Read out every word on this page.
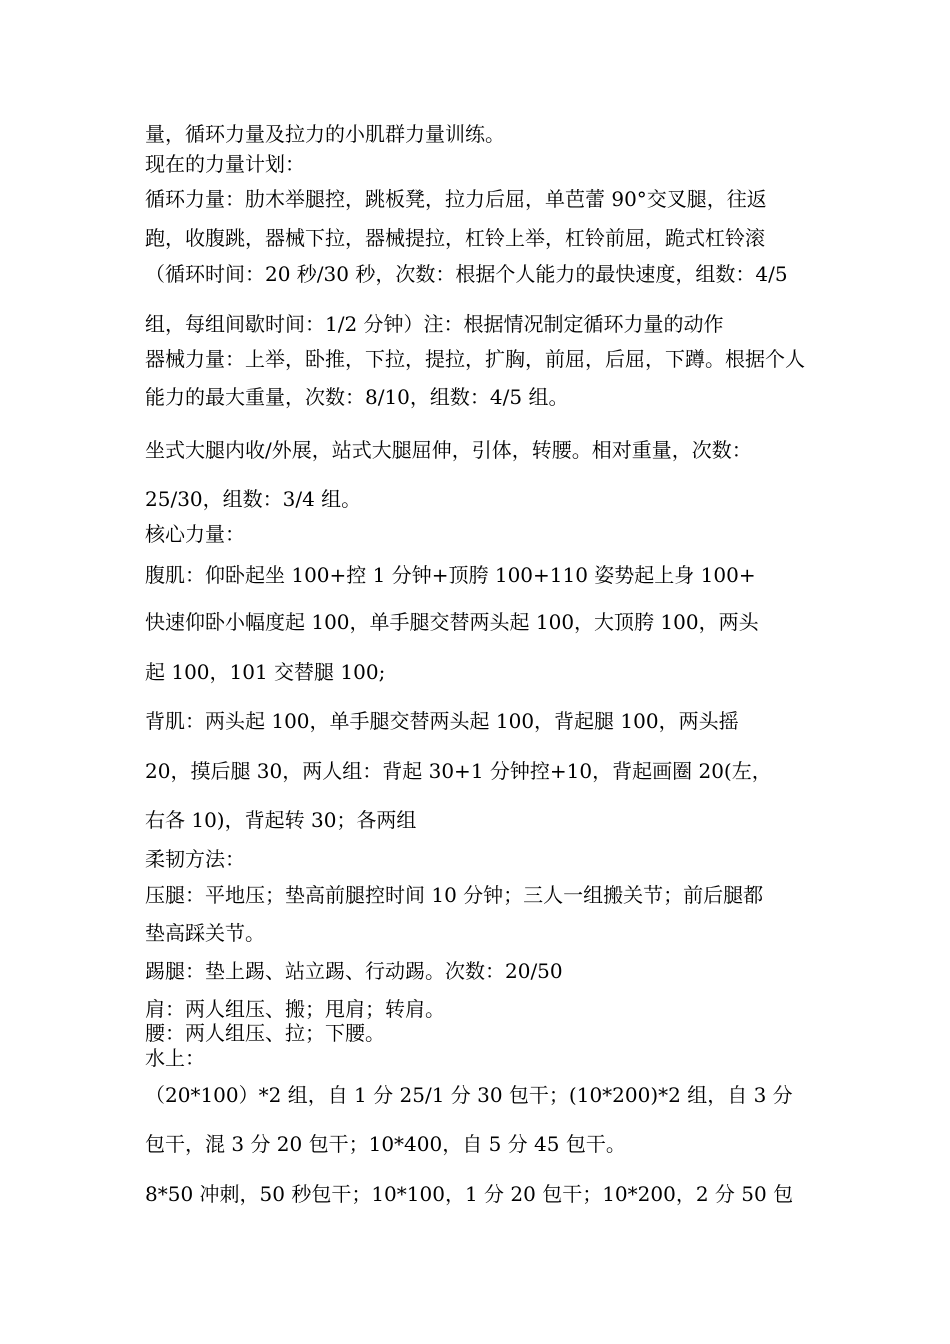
量，循环力量及拉力的小肌群力量训练。
现在的力量计划：
循环力量：肋木举腿控，跳板凳，拉力后屈，单芭蕾 90°交叉腿，往返
跑，收腹跳，器械下拉，器械提拉，杠铃上举，杠铃前屈，跪式杠铃滚
（循环时间：20 秒/30 秒，次数：根据个人能力的最快速度，组数：4/5
组，每组间歇时间：1/2 分钟）注：根据情况制定循环力量的动作
器械力量：上举，卧推，下拉，提拉，扩胸，前屈，后屈，下蹲。根据个人
能力的最大重量，次数：8/10，组数：4/5 组。
坐式大腿内收/外展，站式大腿屈伸，引体，转腰。相对重量，次数：
25/30，组数：3/4 组。
核心力量：
腹肌：仰卧起坐 100+控 1 分钟+顶胯 100+110 姿势起上身 100+
快速仰卧小幅度起 100，单手腿交替两头起 100，大顶胯 100，两头
起 100，101 交替腿 100;
背肌：两头起 100，单手腿交替两头起 100，背起腿 100，两头摇
20，摸后腿 30，两人组：背起 30+1 分钟控+10，背起画圈 20(左，
右各 10)，背起转 30；各两组
柔韧方法：
压腿：平地压；垫高前腿控时间 10 分钟；三人一组搬关节；前后腿都
垫高踩关节。
踢腿：垫上踢、站立踢、行动踢。次数：20/50
肩：两人组压、搬；甩肩；转肩。
腰：两人组压、拉；下腰。
水上：
（20*100）*2 组，自 1 分 25/1 分 30 包干；(10*200)*2 组，自 3 分
包干，混 3 分 20 包干；10*400，自 5 分 45 包干。
8*50 冲刺，50 秒包干；10*100，1 分 20 包干；10*200，2 分 50 包
